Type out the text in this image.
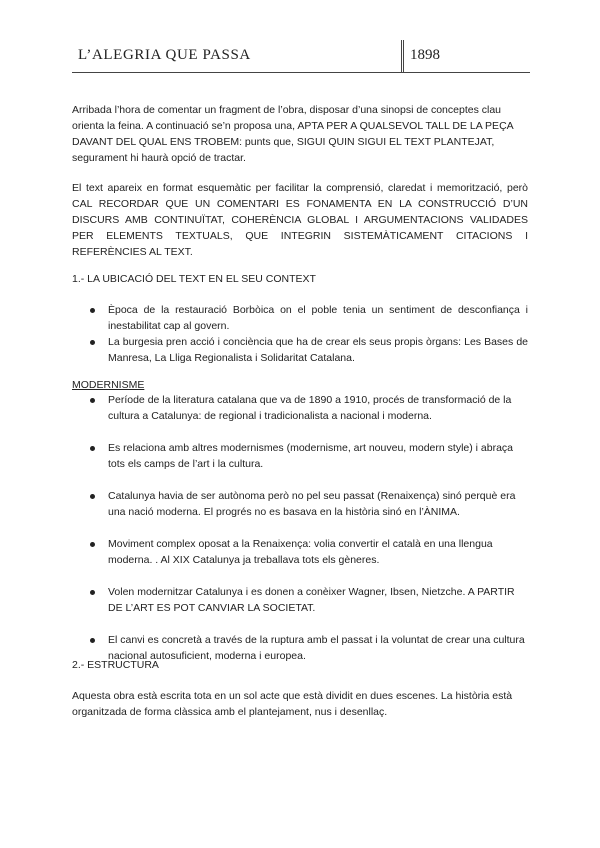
L’ALEGRIA QUE PASSA	1898

Arribada l’hora de comentar un fragment de l’obra, disposar d’una sinopsi de conceptes clau orienta la feina. A continuació se’n proposa una, APTA PER A QUALSEVOL TALL DE LA PEÇA DAVANT DEL QUAL ENS TROBEM: punts que, SIGUI QUIN SIGUI EL TEXT PLANTEJAT, segurament hi haurà opció de tractar.

El text apareix en format esquemàtic per facilitar la comprensió, claredat i memorització, però CAL RECORDAR QUE UN COMENTARI ES FONAMENTA EN LA CONSTRUCCIÓ D’UN DISCURS AMB CONTINUÏTAT, COHERÈNCIA GLOBAL I ARGUMENTACIONS VALIDADES PER ELEMENTS TEXTUALS, QUE INTEGRIN SISTEMÀTICAMENT CITACIONS I REFERÈNCIES AL TEXT.

1.- LA UBICACIÓ DEL TEXT EN EL SEU CONTEXT
Època de la restauració Borbòica on el poble tenia un sentiment de desconfiança i inestabilitat cap al govern.
La burgesia pren acció i conciència que ha de crear els seus propis òrgans: Les Bases de Manresa, La Lliga Regionalista i Solidaritat Catalana.
MODERNISME
Període de la literatura catalana que va de 1890 a 1910, procés de transformació de la cultura a Catalunya: de regional i tradicionalista a nacional i moderna.
Es relaciona amb altres modernismes (modernisme, art nouveu, modern style) i abraça tots els camps de l’art i la cultura.
Catalunya havia de ser autònoma però no pel seu passat (Renaixença) sinó perquè era una nació moderna. El progrés no es basava en la història sinó en l’ÀNIMA.
Moviment complex oposat a la Renaixença: volia convertir el català en una llengua moderna. . Al XIX Catalunya ja treballava tots els gèneres.
Volen modernitzar Catalunya i es donen a conèixer Wagner, Ibsen, Nietzche. A PARTIR DE L’ART ES POT CANVIAR LA SOCIETAT.
El canvi es concretà a través de la ruptura amb el passat i la voluntat de crear una cultura nacional autosuficient, moderna i europea.
2.- ESTRUCTURA

Aquesta obra està escrita tota en un sol acte que està dividit en dues escenes. La història està organitzada de forma clàssica amb el plantejament, nus i desenllaç.
